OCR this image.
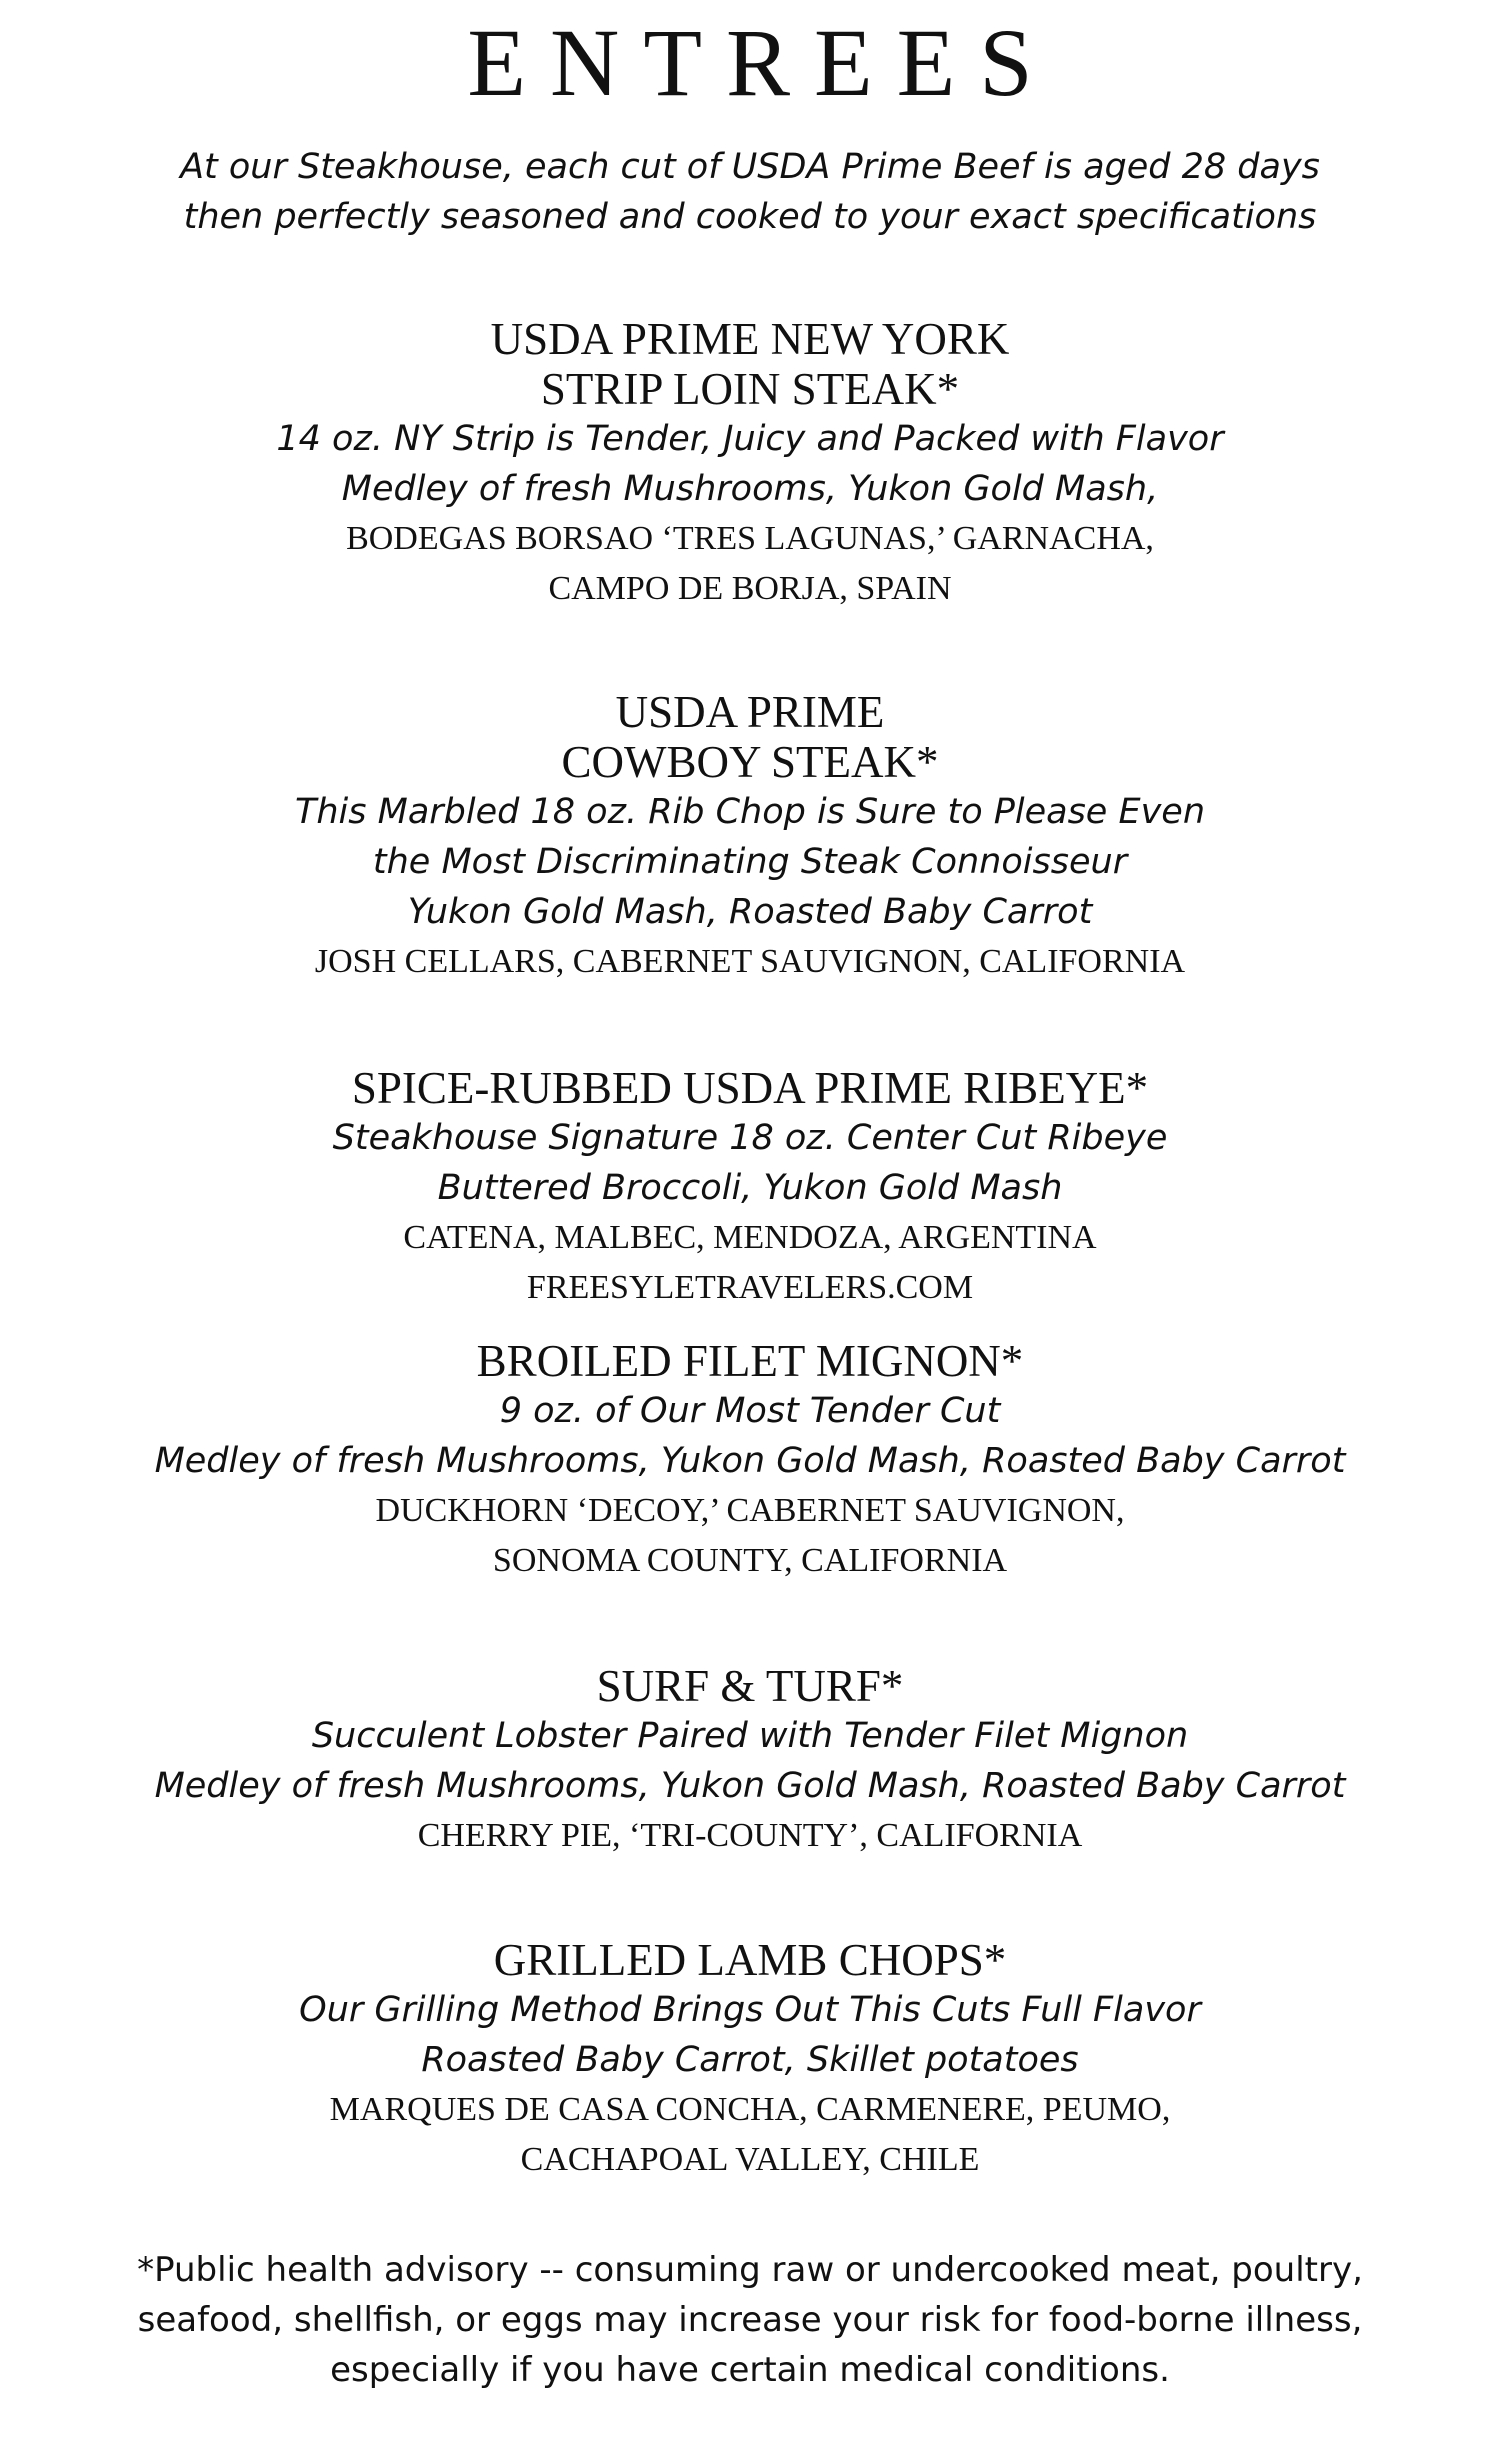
ENTREES
At our Steakhouse, each cut of USDA Prime Beef is aged 28 days
then perfectly seasoned and cooked to your exact specifications
USDA PRIME NEW YORK
STRIP LOIN STEAK*
14 oz. NY Strip is Tender, Juicy and Packed with Flavor
Medley of fresh Mushrooms, Yukon Gold Mash,
BODEGAS BORSAO ‘TRES LAGUNAS,’ GARNACHA,
CAMPO DE BORJA, SPAIN
USDA PRIME
COWBOY STEAK*
This Marbled 18 oz. Rib Chop is Sure to Please Even
the Most Discriminating Steak Connoisseur
Yukon Gold Mash, Roasted Baby Carrot
JOSH CELLARS, CABERNET SAUVIGNON, CALIFORNIA
SPICE-RUBBED USDA PRIME RIBEYE*
Steakhouse Signature 18 oz. Center Cut Ribeye
Buttered Broccoli, Yukon Gold Mash
CATENA, MALBEC, MENDOZA, ARGENTINA
FREESYLETRAVELERS.COM
BROILED FILET MIGNON*
9 oz. of Our Most Tender Cut
Medley of fresh Mushrooms, Yukon Gold Mash, Roasted Baby Carrot
DUCKHORN ‘DECOY,’ CABERNET SAUVIGNON,
SONOMA COUNTY, CALIFORNIA
SURF & TURF*
Succulent Lobster Paired with Tender Filet Mignon
Medley of fresh Mushrooms, Yukon Gold Mash, Roasted Baby Carrot
CHERRY PIE, ‘TRI-COUNTY’, CALIFORNIA
GRILLED LAMB CHOPS*
Our Grilling Method Brings Out This Cuts Full Flavor
Roasted Baby Carrot, Skillet potatoes
MARQUES DE CASA CONCHA, CARMENERE, PEUMO,
CACHAPOAL VALLEY, CHILE
*Public health advisory -- consuming raw or undercooked meat, poultry,
seafood, shellfish, or eggs may increase your risk for food-borne illness,
especially if you have certain medical conditions.
